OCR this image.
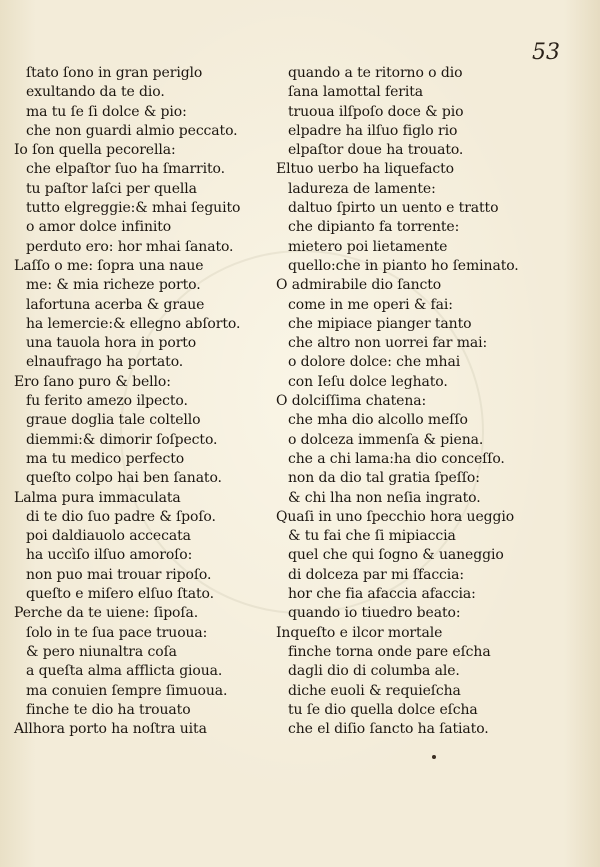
53
ſtato ſono in gran periglo
exultando da te dio.
ma tu ſe ſi dolce & pio:
che non guardi almio peccato.
Io ſon quella pecorella:
che elpaſtor ſuo ha ſmarrito.
tu paſtor laſci per quella
tutto elgreggie:& mhai ſeguito
o amor dolce infinito
perduto ero: hor mhai ſanato.
Laſſo o me: ſopra una naue
me: & mia richeze porto.
lafortuna acerba & graue
ha lemercie:& ellegno abſorto.
una tauola hora in porto
elnaufrago ha portato.
Ero ſano puro & bello:
fu ferito amezo ilpecto.
graue doglia tale coltello
diemmi:& dimorir ſoſpecto.
ma tu medico perfecto
queſto colpo hai ben ſanato.
Lalma pura immaculata
di te dio ſuo padre & ſpoſo.
poi daldiauolo accecata
ha uccìſo ilſuo amoroſo:
non puo mai trouar ripoſo.
queſto e miſero elſuo ſtato.
Perche da te uiene: ſipoſa.
ſolo in te ſua pace truoua:
& pero niunaltra coſa
a queſta alma afflicta gioua.
ma conuien ſempre ſimuoua.
finche te dio ha trouato
Allhora porto ha noſtra uita
quando a te ritorno o dio
ſana lamottal ferita
truoua ilſpoſo doce & pio
elpadre ha ilſuo figlo rio
elpaſtor doue ha trouato.
Eltuo uerbo ha liquefacto
ladureza de lamente:
daltuo ſpirto un uento e tratto
che dipianto fa torrente:
mietero poi lietamente
quello:che in pianto ho ſeminato.
O admirabile dio ſancto
come in me operi & fai:
che mipiace pianger tanto
che altro non uorrei far mai:
o dolore dolce: che mhai
con Ieſu dolce leghato.
O dolciſſima chatena:
che mha dio alcollo meſſo
o dolceza immenſa & piena.
che a chi lama:ha dio conceſſo.
non da dio tal gratia ſpeſſo:
& chi lha non neſia ingrato.
Quaſi in uno ſpecchio hora ueggio
& tu fai che ſi mipiaccia
quel che qui ſogno & uaneggio
di dolceza par mi ſfaccia:
hor che fia afaccia afaccia:
quando io tiuedro beato:
Inqueſto e ilcor mortale
finche torna onde pare eſcha
dagli dio di columba ale.
diche euoli & requieſcha
tu ſe dio quella dolce eſcha
che el diſio ſancto ha ſatiato.
